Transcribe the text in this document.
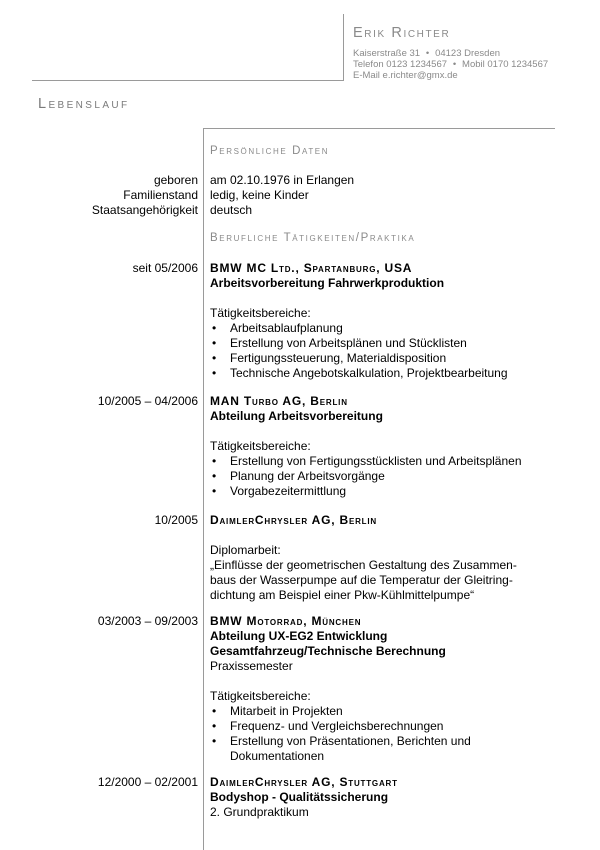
Erik Richter
Kaiserstraße 31 • 04123 Dresden
Telefon 0123 1234567 • Mobil 0170 1234567
E-Mail e.richter@gmx.de
Lebenslauf
Persönliche Daten
geboren
Familienstand
Staatsangehörigkeit
am 02.10.1976 in Erlangen
ledig, keine Kinder
deutsch
Berufliche Tätigkeiten/Praktika
seit 05/2006 BMW MC Ltd., Spartanburg, USA
Arbeitsvorbereitung Fahrwerkproduktion
Tätigkeitsbereiche:
• Arbeitsablaufplanung
• Erstellung von Arbeitsplänen und Stücklisten
• Fertigungssteuerung, Materialdisposition
• Technische Angebotskalkulation, Projektbearbeitung
10/2005 – 04/2006 MAN Turbo AG, Berlin
Abteilung Arbeitsvorbereitung
Tätigkeitsbereiche:
• Erstellung von Fertigungsstücklisten und Arbeitsplänen
• Planung der Arbeitsvorgänge
• Vorgabezeitermittlung
10/2005 DaimlerChrysler AG, Berlin
Diplomarbeit:
„Einflüsse der geometrischen Gestaltung des Zusammen-
baus der Wasserpumpe auf die Temperatur der Gleitring-
dichtung am Beispiel einer Pkw-Kühlmittelpumpe“
03/2003 – 09/2003 BMW Motorrad, München
Abteilung UX-EG2 Entwicklung
Gesamtfahrzeug/Technische Berechnung
Praxissemester
Tätigkeitsbereiche:
• Mitarbeit in Projekten
• Frequenz- und Vergleichsberechnungen
• Erstellung von Präsentationen, Berichten und
Dokumentationen
12/2000 – 02/2001 DaimlerChrysler AG, Stuttgart
Bodyshop - Qualitätssicherung
2. Grundpraktikum
